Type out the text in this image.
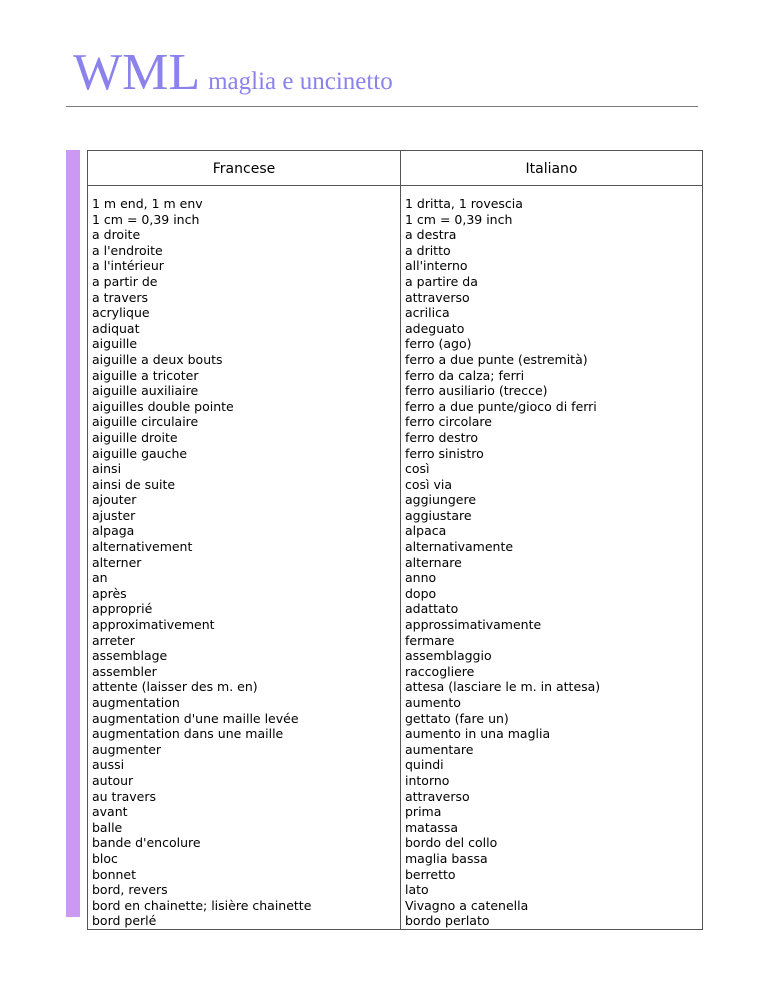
WML maglia e uncinetto
Francese	Italiano

1 m end, 1 m env	1 dritta, 1 rovescia
1 cm = 0,39 inch	1 cm = 0,39 inch
a droite	a destra
a l'endroite	a dritto
a l'intérieur	all'interno
a partir de	a partire da
a travers	attraverso
acrylique	acrilica
adiquat	adeguato
aiguille	ferro (ago)
aiguille a deux bouts	ferro a due punte (estremità)
aiguille a tricoter	ferro da calza; ferri
aiguille auxiliaire	ferro ausiliario (trecce)
aiguilles double pointe	ferro a due punte/gioco di ferri
aiguille circulaire	ferro circolare
aiguille droite	ferro destro
aiguille gauche	ferro sinistro
ainsi	così
ainsi de suite	così via
ajouter	aggiungere
ajuster	aggiustare
alpaga	alpaca
alternativement	alternativamente
alterner	alternare
an	anno
après	dopo
approprié	adattato
approximativement	approssimativamente
arreter	fermare
assemblage	assemblaggio
assembler	raccogliere
attente (laisser des m. en)	attesa (lasciare le m. in attesa)
augmentation	aumento
augmentation d'une maille levée	gettato (fare un)
augmentation dans une maille	aumento in una maglia
augmenter	aumentare
aussi	quindi
autour	intorno
au travers	attraverso
avant	prima
balle	matassa
bande d'encolure	bordo del collo
bloc	maglia bassa
bonnet	berretto
bord, revers	lato
bord en chainette; lisière chainette	Vivagno a catenella
bord perlé	bordo perlato
